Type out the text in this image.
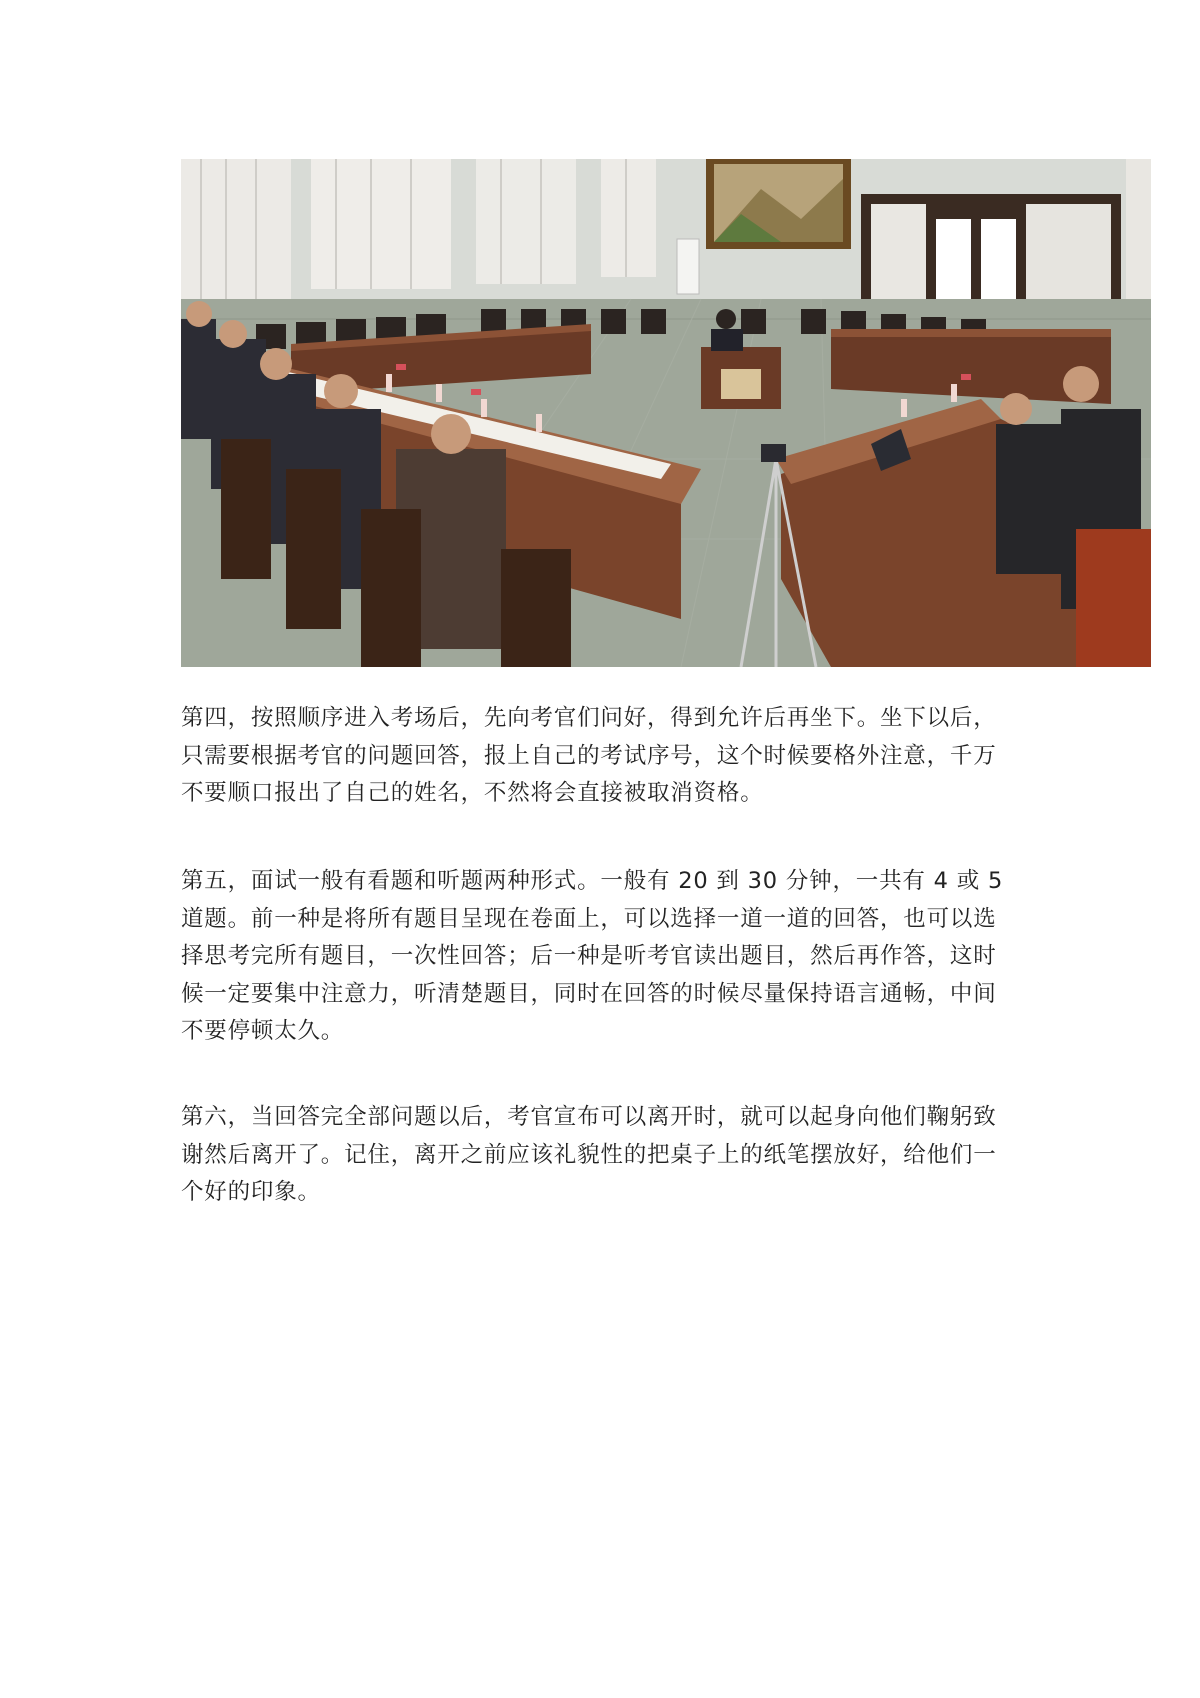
第四，按照顺序进入考场后，先向考官们问好，得到允许后再坐下。坐下以后，
只需要根据考官的问题回答，报上自己的考试序号，这个时候要格外注意，千万
不要顺口报出了自己的姓名，不然将会直接被取消资格。

第五，面试一般有看题和听题两种形式。一般有 20 到 30 分钟，一共有 4 或 5
道题。前一种是将所有题目呈现在卷面上，可以选择一道一道的回答，也可以选
择思考完所有题目，一次性回答；后一种是听考官读出题目，然后再作答，这时
候一定要集中注意力，听清楚题目，同时在回答的时候尽量保持语言通畅，中间
不要停顿太久。

第六，当回答完全部问题以后，考官宣布可以离开时，就可以起身向他们鞠躬致
谢然后离开了。记住，离开之前应该礼貌性的把桌子上的纸笔摆放好，给他们一
个好的印象。
